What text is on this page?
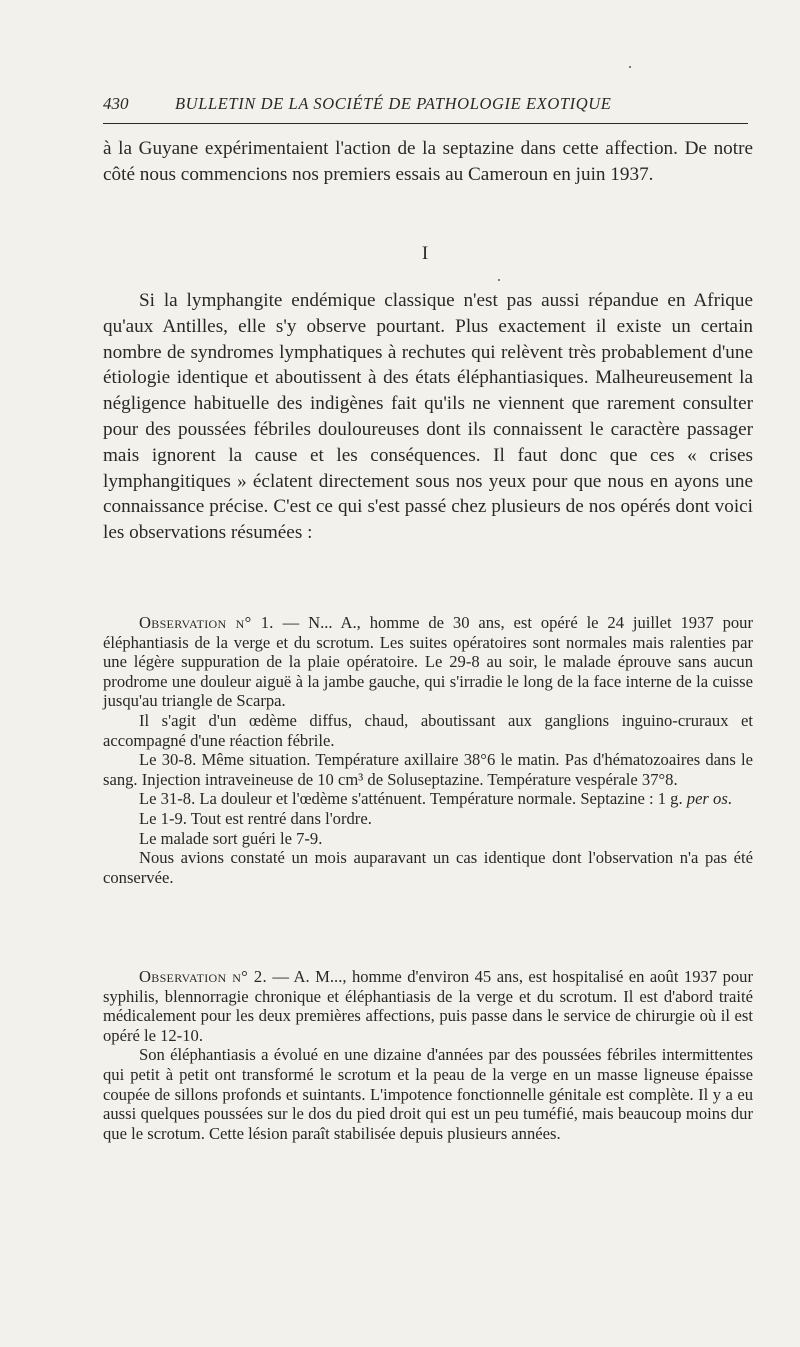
430	BULLETIN DE LA SOCIÉTÉ DE PATHOLOGIE EXOTIQUE

à la Guyane expérimentaient l'action de la septazine dans cette affection. De notre côté nous commencions nos premiers essais au Cameroun en juin 1937.

I

Si la lymphangite endémique classique n'est pas aussi répandue en Afrique qu'aux Antilles, elle s'y observe pourtant. Plus exactement il existe un certain nombre de syndromes lymphatiques à rechutes qui relèvent très probablement d'une étiologie identique et aboutissent à des états éléphantiasiques. Malheureusement la négligence habituelle des indigènes fait qu'ils ne viennent que rarement consulter pour des poussées fébriles douloureuses dont ils connaissent le caractère passager mais ignorent la cause et les conséquences. Il faut donc que ces « crises lymphangitiques » éclatent directement sous nos yeux pour que nous en ayons une connaissance précise. C'est ce qui s'est passé chez plusieurs de nos opérés dont voici les observations résumées :

Observation n° 1. — N... A., homme de 30 ans, est opéré le 24 juillet 1937 pour éléphantiasis de la verge et du scrotum. Les suites opératoires sont normales mais ralenties par une légère suppuration de la plaie opératoire. Le 29-8 au soir, le malade éprouve sans aucun prodrome une douleur aiguë à la jambe gauche, qui s'irradie le long de la face interne de la cuisse jusqu'au triangle de Scarpa.

Il s'agit d'un œdème diffus, chaud, aboutissant aux ganglions inguino-cruraux et accompagné d'une réaction fébrile.

Le 30-8. Même situation. Température axillaire 38°6 le matin. Pas d'hématozoaires dans le sang. Injection intraveineuse de 10 cm³ de Soluseptazine. Température vespérale 37°8.

Le 31-8. La douleur et l'œdème s'atténuent. Température normale. Septazine : 1 g. per os.

Le 1-9. Tout est rentré dans l'ordre.

Le malade sort guéri le 7-9.

Nous avions constaté un mois auparavant un cas identique dont l'observation n'a pas été conservée.

Observation n° 2. — A. M..., homme d'environ 45 ans, est hospitalisé en août 1937 pour syphilis, blennorragie chronique et éléphantiasis de la verge et du scrotum. Il est d'abord traité médicalement pour les deux premières affections, puis passe dans le service de chirurgie où il est opéré le 12-10.

Son éléphantiasis a évolué en une dizaine d'années par des poussées fébriles intermittentes qui petit à petit ont transformé le scrotum et la peau de la verge en un masse ligneuse épaisse coupée de sillons profonds et suintants. L'impotence fonctionnelle génitale est complète. Il y a eu aussi quelques poussées sur le dos du pied droit qui est un peu tuméfié, mais beaucoup moins dur que le scrotum. Cette lésion paraît stabilisée depuis plusieurs années.
